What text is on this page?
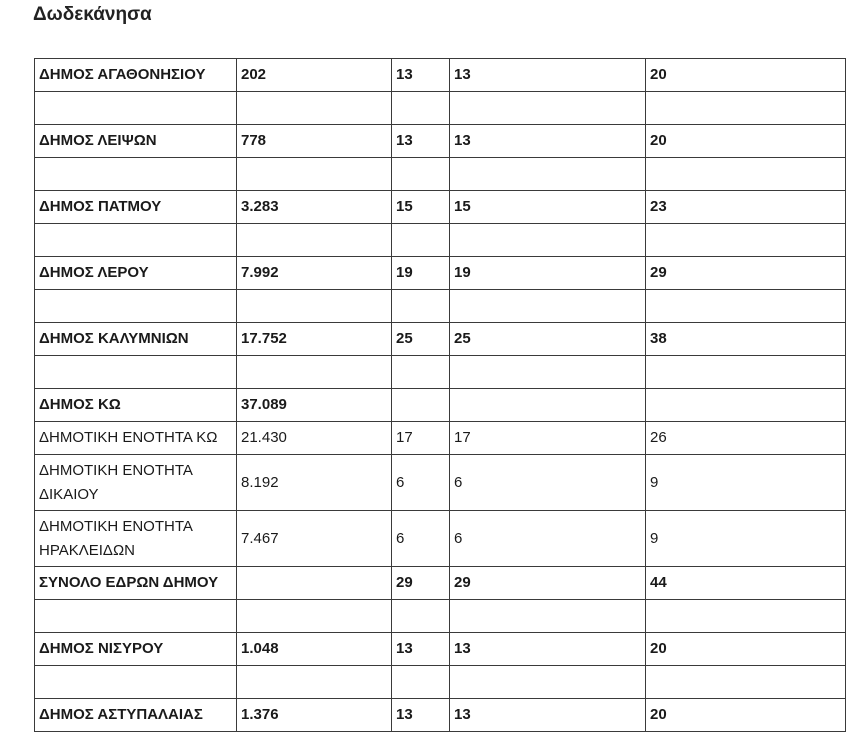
Δωδεκάνησα
ΔΗΜΟΣ ΑΓΑΘΟΝΗΣΙΟΥ	202	13	13	20

ΔΗΜΟΣ ΛΕΙΨΩΝ	778	13	13	20

ΔΗΜΟΣ ΠΑΤΜΟΥ	3.283	15	15	23

ΔΗΜΟΣ ΛΕΡΟΥ	7.992	19	19	29

ΔΗΜΟΣ ΚΑΛΥΜΝΙΩΝ	17.752	25	25	38

ΔΗΜΟΣ ΚΩ	37.089			
ΔΗΜΟΤΙΚΗ ΕΝΟΤΗΤΑ ΚΩ	21.430	17	17	26
ΔΗΜΟΤΙΚΗ ΕΝΟΤΗΤΑ ΔΙΚΑΙΟΥ	8.192	6	6	9
ΔΗΜΟΤΙΚΗ ΕΝΟΤΗΤΑ ΗΡΑΚΛΕΙΔΩΝ	7.467	6	6	9
ΣΥΝΟΛΟ ΕΔΡΩΝ ΔΗΜΟΥ		29	29	44

ΔΗΜΟΣ ΝΙΣΥΡΟΥ	1.048	13	13	20

ΔΗΜΟΣ ΑΣΤΥΠΑΛΑΙΑΣ	1.376	13	13	20
